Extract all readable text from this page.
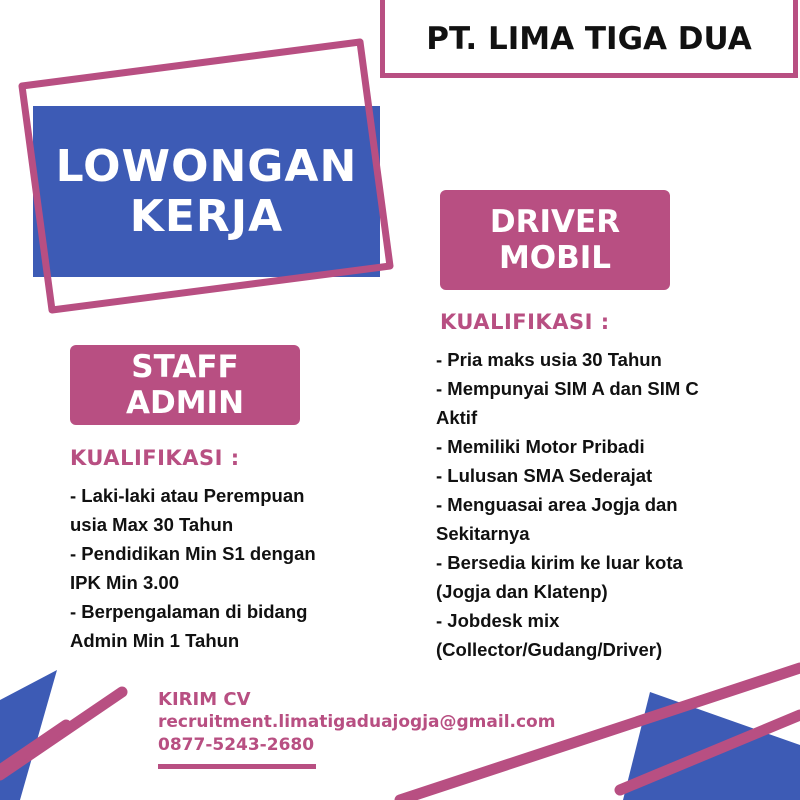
PT. LIMA TIGA DUA
LOWONGAN
KERJA
STAFF
ADMIN
KUALIFIKASI :
- Laki-laki atau Perempuan
usia Max 30 Tahun
- Pendidikan Min S1 dengan
IPK Min 3.00
- Berpengalaman di bidang
Admin Min 1 Tahun
DRIVER
MOBIL
KUALIFIKASI :
- Pria maks usia 30 Tahun
- Mempunyai SIM A dan SIM C
Aktif
- Memiliki Motor Pribadi
- Lulusan SMA Sederajat
- Menguasai area Jogja dan
Sekitarnya
- Bersedia kirim ke luar kota
(Jogja dan Klatenp)
- Jobdesk mix
(Collector/Gudang/Driver)
KIRIM CV
recruitment.limatigaduajogja@gmail.com
0877-5243-2680
